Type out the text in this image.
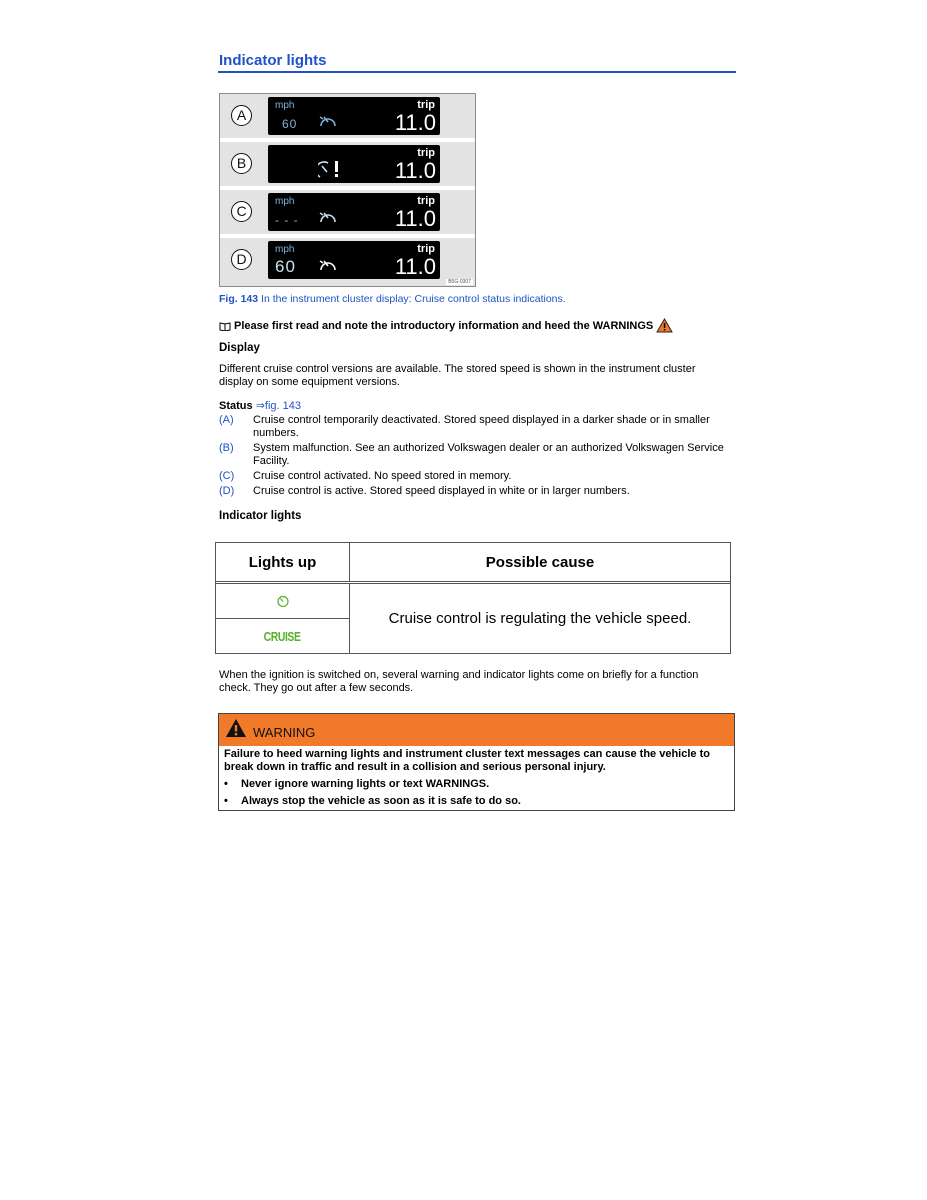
Indicator lights
A
mph
60
trip
11.0
B
trip
11.0
C
mph
- - -
trip
11.0
D
mph
60
trip
11.0
B5G-0307
Fig. 143 In the instrument cluster display: Cruise control status indications.
Please first read and note the introductory information and heed the WARNINGS
Display
Different cruise control versions are available. The stored speed is shown in the instrument cluster display on some equipment versions.
Status ⇒fig. 143
(A)	Cruise control temporarily deactivated. Stored speed displayed in a darker shade or in smaller numbers.
(B)	System malfunction. See an authorized Volkswagen dealer or an authorized Volkswagen Service Facility.
(C)	Cruise control activated. No speed stored in memory.
(D)	Cruise control is active. Stored speed displayed in white or in larger numbers.
Indicator lights
Lights up	Possible cause
CRUISE
Cruise control is regulating the vehicle speed.
When the ignition is switched on, several warning and indicator lights come on briefly for a function check. They go out after a few seconds.
WARNING
Failure to heed warning lights and instrument cluster text messages can cause the vehicle to break down in traffic and result in a collision and serious personal injury.
•	Never ignore warning lights or text WARNINGS.
•	Always stop the vehicle as soon as it is safe to do so.
